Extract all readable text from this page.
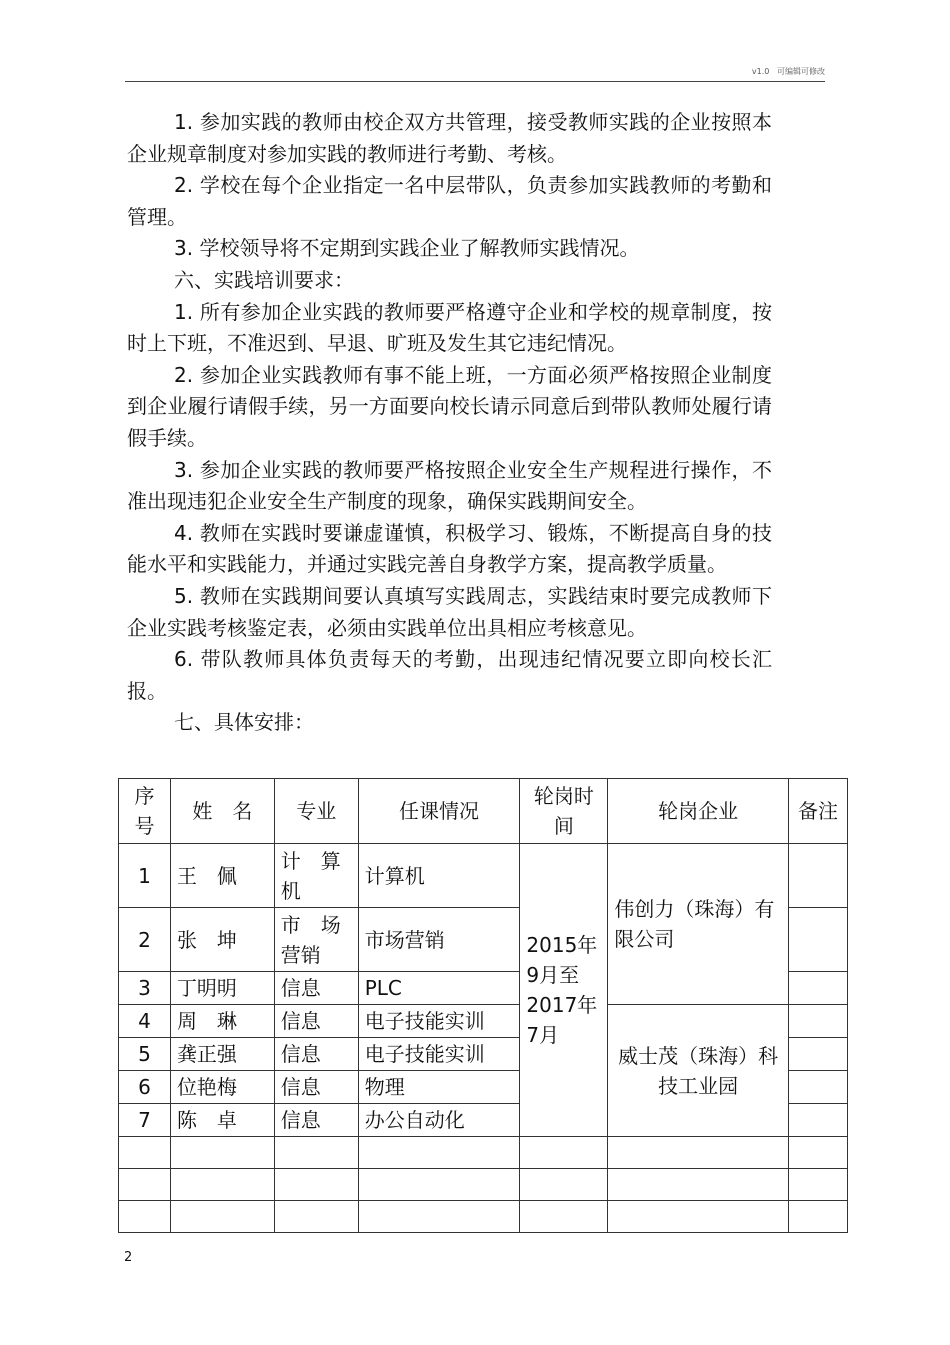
v1.0 可编辑可修改

1. 参加实践的教师由校企双方共管理，接受教师实践的企业按照本企业规章制度对参加实践的教师进行考勤、考核。

2. 学校在每个企业指定一名中层带队，负责参加实践教师的考勤和管理。

3. 学校领导将不定期到实践企业了解教师实践情况。

六、实践培训要求：

1. 所有参加企业实践的教师要严格遵守企业和学校的规章制度，按时上下班，不准迟到、早退、旷班及发生其它违纪情况。

2. 参加企业实践教师有事不能上班，一方面必须严格按照企业制度到企业履行请假手续，另一方面要向校长请示同意后到带队教师处履行请假手续。

3. 参加企业实践的教师要严格按照企业安全生产规程进行操作，不准出现违犯企业安全生产制度的现象，确保实践期间安全。

4. 教师在实践时要谦虚谨慎，积极学习、锻炼，不断提高自身的技能水平和实践能力，并通过实践完善自身教学方案，提高教学质量。

5. 教师在实践期间要认真填写实践周志，实践结束时要完成教师下企业实践考核鉴定表，必须由实践单位出具相应考核意见。

6. 带队教师具体负责每天的考勤，出现违纪情况要立即向校长汇报。

七、具体安排：

序号	姓　名	专业	任课情况	轮岗时间	轮岗企业	备注
1	王　佩	计　算机	计算机	2015年9月至2017年7月	伟创力（珠海）有限公司	
2	张　坤	市　场营销	市场营销			
3	丁明明	信息	PLC			
4	周　琳	信息	电子技能实训		威士茂（珠海）科技工业园	
5	龚正强	信息	电子技能实训			
6	位艳梅	信息	物理			
7	陈　卓	信息	办公自动化			

2
